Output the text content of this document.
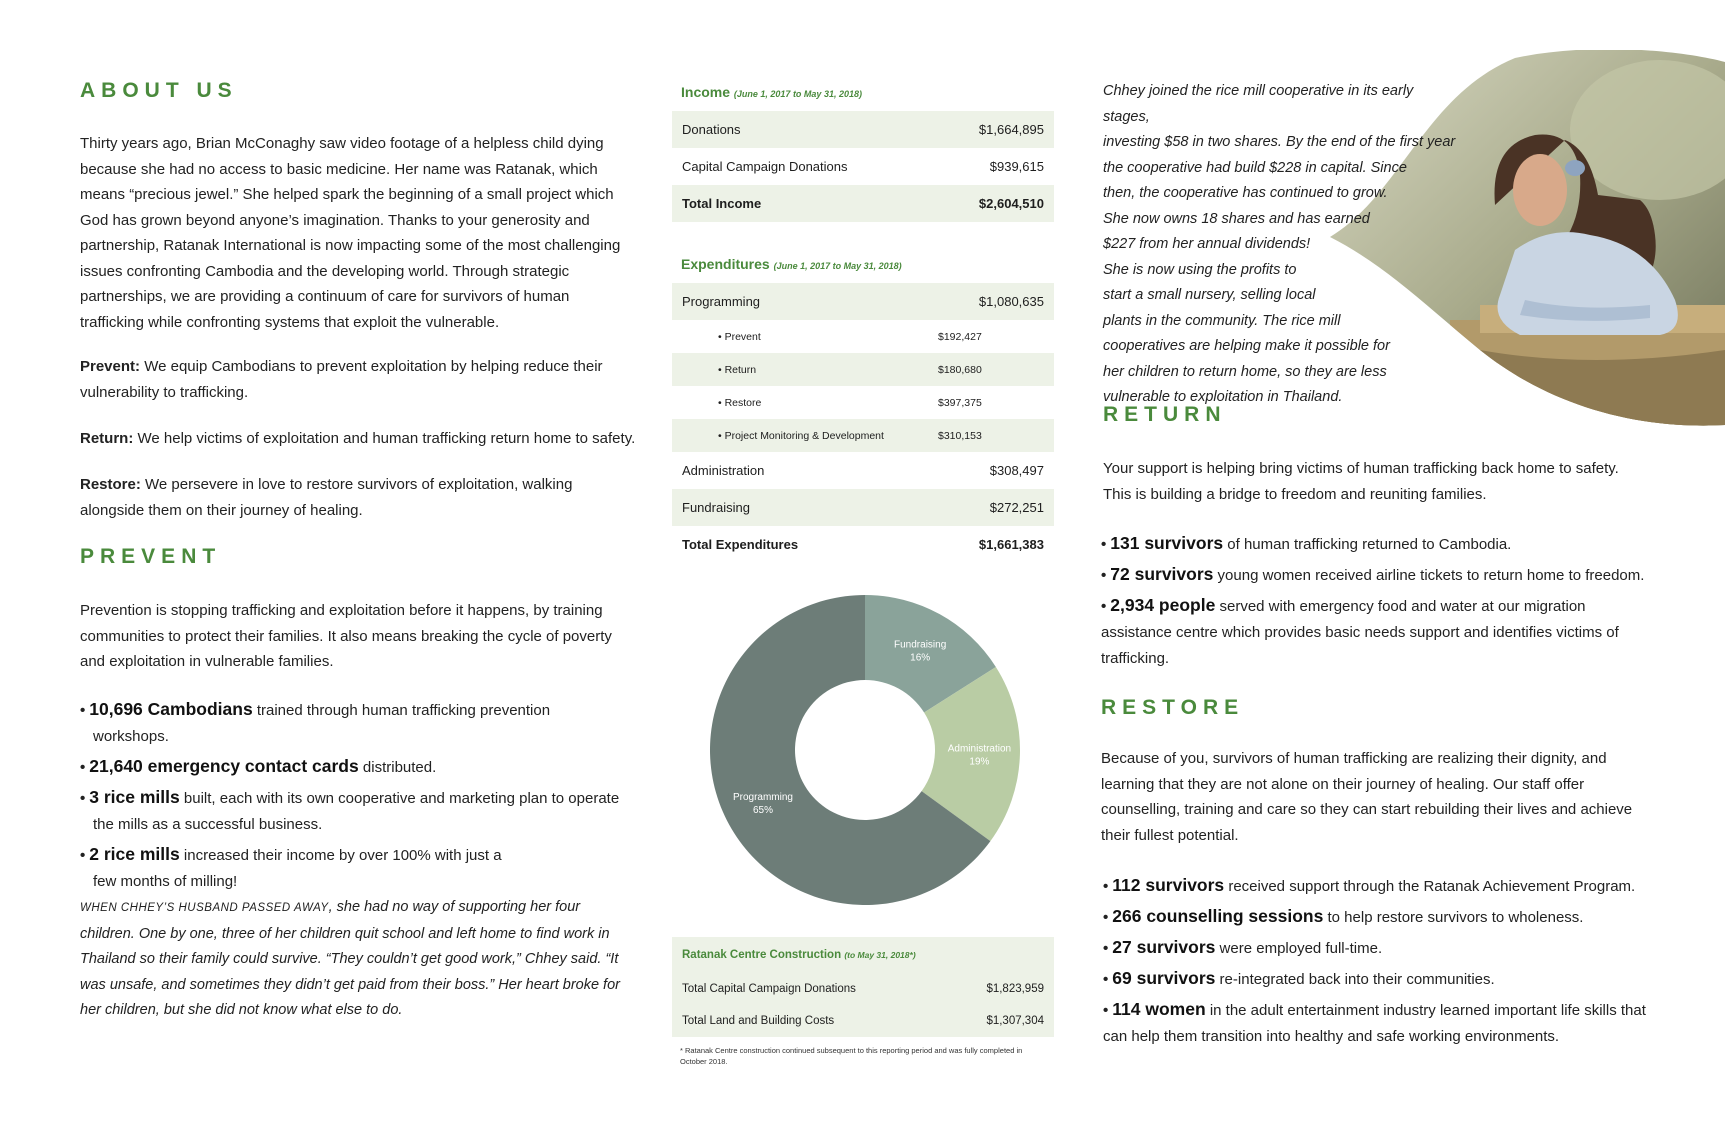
ABOUT US

Thirty years ago, Brian McConaghy saw video footage of a helpless child dying because she had no access to basic medicine. Her name was Ratanak, which means “precious jewel.” She helped spark the beginning of a small project which God has grown beyond anyone’s imagination. Thanks to your generosity and partnership, Ratanak International is now impacting some of the most challenging issues confronting Cambodia and the developing world. Through strategic partnerships, we are providing a continuum of care for survivors of human trafficking while confronting systems that exploit the vulnerable.

Prevent: We equip Cambodians to prevent exploitation by helping reduce their vulnerability to trafficking.

Return: We help victims of exploitation and human trafficking return home to safety.

Restore: We persevere in love to restore survivors of exploitation, walking alongside them on their journey of healing.

PREVENT

Prevention is stopping trafficking and exploitation before it happens, by training communities to protect their families. It also means breaking the cycle of poverty and exploitation in vulnerable families.

• 10,696 Cambodians trained through human trafficking prevention workshops.
• 21,640 emergency contact cards distributed.
• 3 rice mills built, each with its own cooperative and marketing plan to operate the mills as a successful business.
• 2 rice mills increased their income by over 100% with just a few months of milling!

WHEN CHHEY’S HUSBAND PASSED AWAY, she had no way of supporting her four children. One by one, three of her children quit school and left home to find work in Thailand so their family could survive. “They couldn’t get good work,” Chhey said. “It was unsafe, and sometimes they didn’t get paid from their boss.” Her heart broke for her children, but she did not know what else to do.

Income (June 1, 2017 to May 31, 2018)
Donations	$1,664,895
Capital Campaign Donations	$939,615
Total Income	$2,604,510
Expenditures (June 1, 2017 to May 31, 2018)
Programming	$1,080,635
• Prevent	$192,427
• Return	$180,680
• Restore	$397,375
• Project Monitoring & Development	$310,153
Administration	$308,497
Fundraising	$272,251
Total Expenditures	$1,661,383
Fundraising
16%
Administration
19%
Programming
65%
Ratanak Centre Construction (to May 31, 2018*)
Total Capital Campaign Donations	$1,823,959
Total Land and Building Costs	$1,307,304
* Ratanak Centre construction continued subsequent to this reporting period and was fully completed in October 2018.
Chhey joined the rice mill cooperative in its early stages,
investing $58 in two shares. By the end of the first year
the cooperative had build $228 in capital. Since
then, the cooperative has continued to grow.
She now owns 18 shares and has earned
$227 from her annual dividends!
She is now using the profits to
start a small nursery, selling local
plants in the community. The rice mill
cooperatives are helping make it possible for
her children to return home, so they are less
vulnerable to exploitation in Thailand.
RETURN

Your support is helping bring victims of human trafficking back home to safety. This is building a bridge to freedom and reuniting families.

• 131 survivors of human trafficking returned to Cambodia.
• 72 survivors young women received airline tickets to return home to freedom.
• 2,934 people served with emergency food and water at our migration assistance centre which provides basic needs support and identifies victims of trafficking.
RESTORE

Because of you, survivors of human trafficking are realizing their dignity, and learning that they are not alone on their journey of healing. Our staff offer counselling, training and care so they can start rebuilding their lives and achieve their fullest potential.

• 112 survivors received support through the Ratanak Achievement Program.
• 266 counselling sessions to help restore survivors to wholeness.
• 27 survivors were employed full-time.
• 69 survivors re-integrated back into their communities.
• 114 women in the adult entertainment industry learned important life skills that can help them transition into healthy and safe working environments.
